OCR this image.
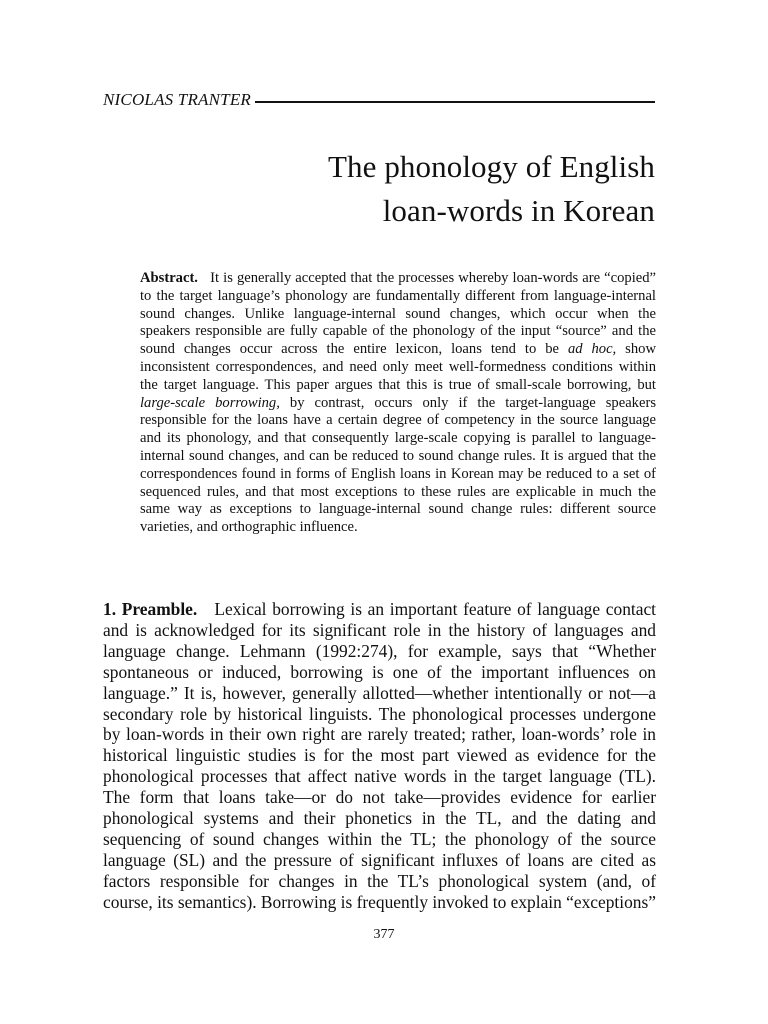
NICOLAS TRANTER
The phonology of English
loan-words in Korean
Abstract. It is generally accepted that the processes whereby loan-words are “copied” to the target language’s phonology are fundamentally different from language-internal sound changes. Unlike language-internal sound changes, which occur when the speakers responsible are fully capable of the phonology of the input “source” and the sound changes occur across the entire lexicon, loans tend to be ad hoc, show inconsistent correspondences, and need only meet well-formedness conditions within the target language. This paper argues that this is true of small-scale borrowing, but large-scale borrowing, by contrast, occurs only if the target-language speakers responsible for the loans have a certain degree of competency in the source language and its phonology, and that consequently large-scale copying is parallel to language-internal sound changes, and can be reduced to sound change rules. It is argued that the correspondences found in forms of English loans in Korean may be reduced to a set of sequenced rules, and that most exceptions to these rules are explicable in much the same way as exceptions to language-internal sound change rules: different source varieties, and orthographic influence.
1. Preamble. Lexical borrowing is an important feature of language contact and is acknowledged for its significant role in the history of languages and language change. Lehmann (1992:274), for example, says that “Whether spontaneous or induced, borrowing is one of the important influences on language.” It is, however, generally allotted—whether intentionally or not—a secondary role by historical linguists. The phonological processes undergone by loan-words in their own right are rarely treated; rather, loan-words’ role in historical linguistic studies is for the most part viewed as evidence for the phonological processes that affect native words in the target language (TL). The form that loans take—or do not take—provides evidence for earlier phonological systems and their phonetics in the TL, and the dating and sequencing of sound changes within the TL; the phonology of the source language (SL) and the pressure of significant influxes of loans are cited as factors responsible for changes in the TL’s phonological system (and, of course, its semantics). Borrowing is frequently invoked to explain “exceptions”
377
